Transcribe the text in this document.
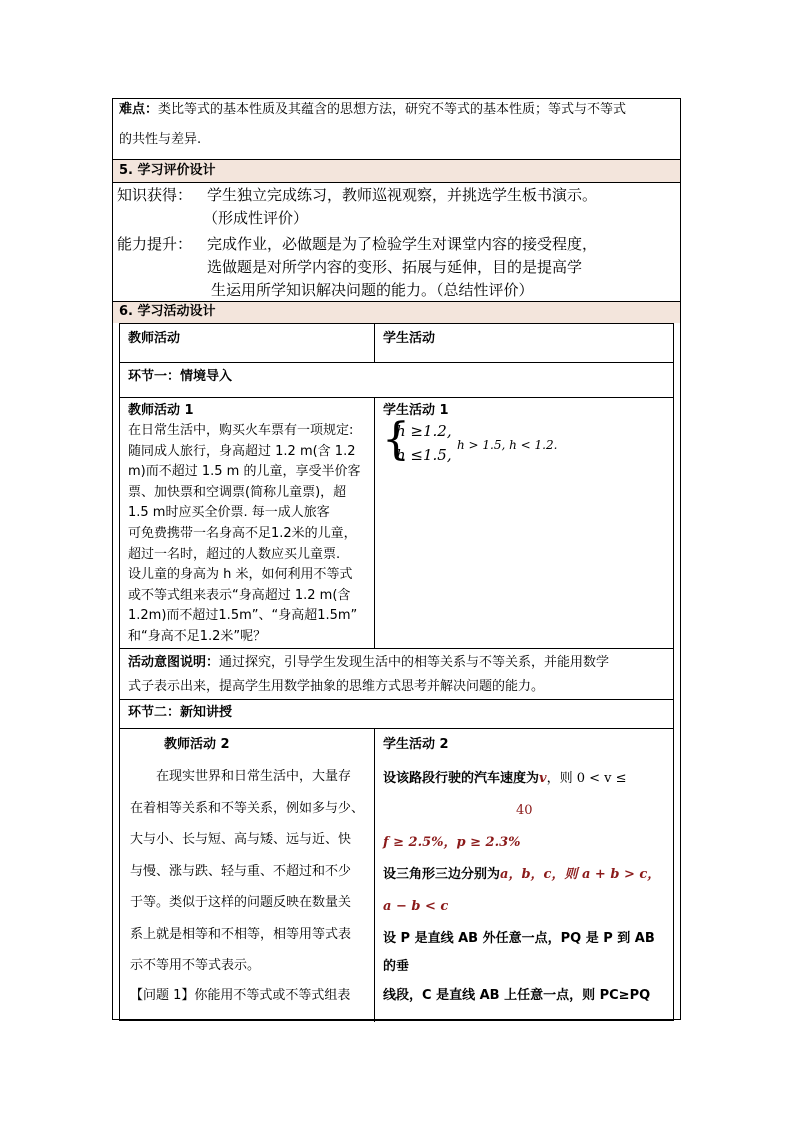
难点：类比等式的基本性质及其蕴含的思想方法，研究不等式的基本性质；等式与不等式
的共性与差异.
5. 学习评价设计
知识获得： 学生独立完成练习，教师巡视观察，并挑选学生板书演示。
（形成性评价）
能力提升： 完成作业，必做题是为了检验学生对课堂内容的接受程度，
选做题是对所学内容的变形、拓展与延伸，目的是提高学
生运用所学知识解决问题的能力。（总结性评价）
6. 学习活动设计
教师活动	学生活动
环节一：情境导入
教师活动 1
在日常生活中，购买火车票有一项规定:
随同成人旅行，身高超过 1.2 m(含 1.2
m)而不超过 1.5 m 的儿童，享受半价客
票、加快票和空调票(简称儿童票)，超
1.5 m时应买全价票. 每一成人旅客
可免费携带一名身高不足1.2米的儿童，
超过一名时，超过的人数应买儿童票.
设儿童的身高为 h 米，如何利用不等式
或不等式组来表示“身高超过 1.2 m(含
1.2m)而不超过1.5m”、“身高超1.5m”
和“身高不足1.2米”呢？
学生活动 1
{
h ≥1.2,
h ≤1.5,
h > 1.5, h < 1.2.
活动意图说明：通过探究，引导学生发现生活中的相等关系与不等关系，并能用数学
式子表示出来，提高学生用数学抽象的思维方式思考并解决问题的能力。
环节二：新知讲授
教师活动 2
在现实世界和日常生活中，大量存
在着相等关系和不等关系，例如多与少、
大与小、长与短、高与矮、远与近、快
与慢、涨与跌、轻与重、不超过和不少
于等。类似于这样的问题反映在数量关
系上就是相等和不相等，相等用等式表
示不等用不等式表示。
【问题 1】你能用不等式或不等式组表
学生活动 2
设该路段行驶的汽车速度为v，则 0 < v ≤
40
f ≥ 2.5%，p ≥ 2.3%
设三角形三边分别为a，b，c，则 a + b > c，
a − b < c
设 P 是直线 AB 外任意一点，PQ 是 P 到 AB
的垂
线段，C 是直线 AB 上任意一点，则 PC≥PQ
